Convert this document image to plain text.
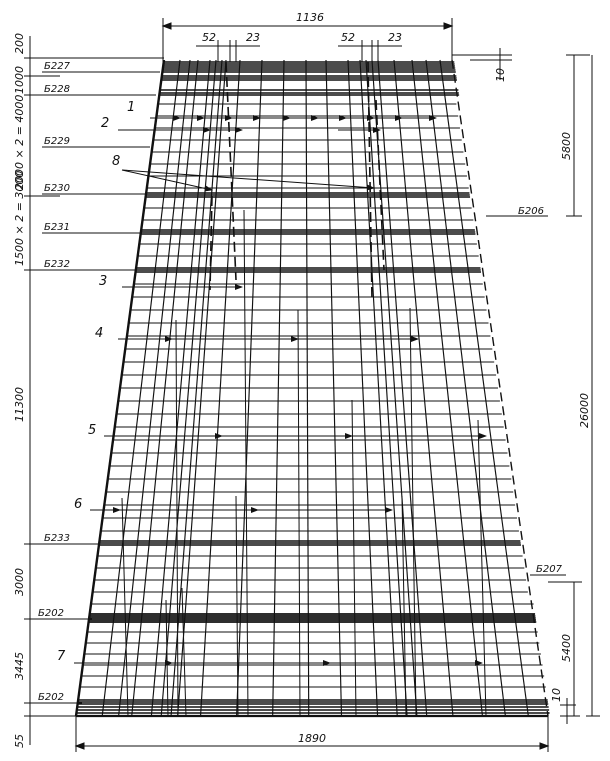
1136
52	23	52	23
10
5800
26000
5400
10
1890
200
1000
2000 × 2 = 4000
1500 × 2 = 3000
11300
3000
3445
55
Б227
Б228
Б229
Б230
Б231
Б232
Б233
Б202
Б202
Б206
Б207
1
2
3
4
5
6
7
8
